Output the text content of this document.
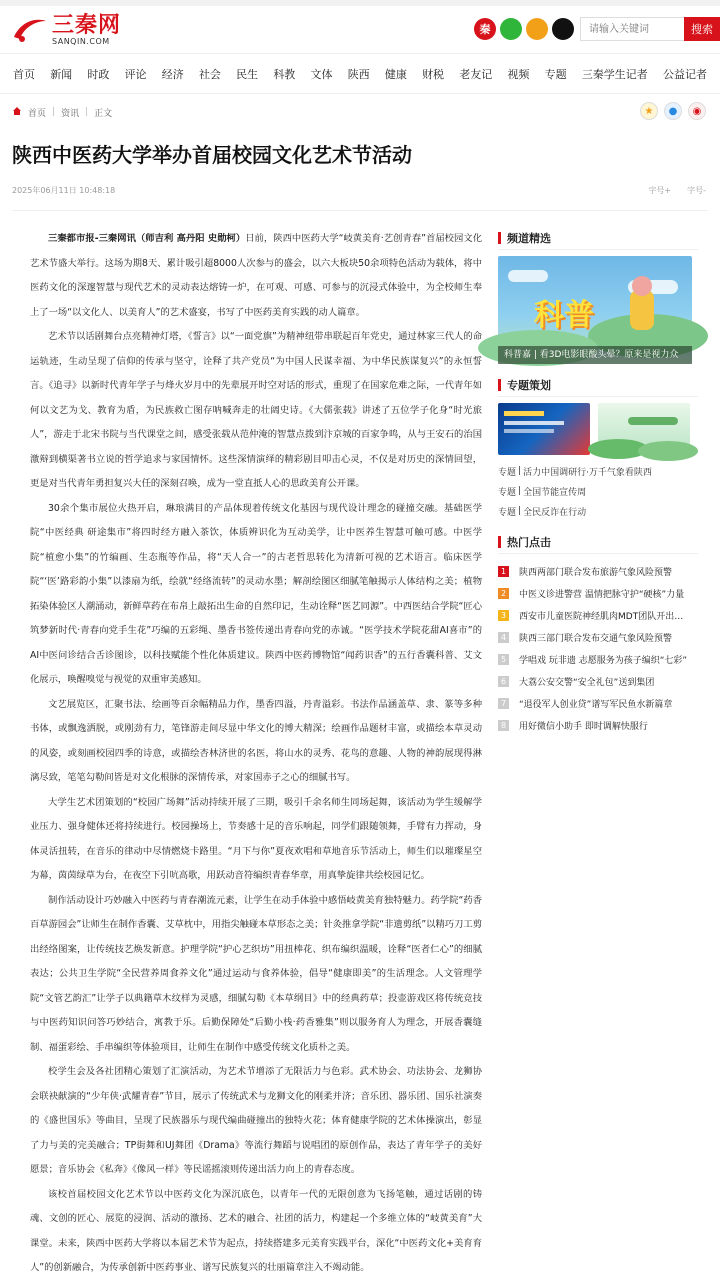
三秦网
SANQIN.COM
秦
请输入关键词	搜索
首页	新闻	时政	评论	经济	社会	民生	科教	文体	陕西	健康	财税	老友记	视频	专题	三秦学生记者	公益记者
首页 | 资讯 | 正文	★	●	◉
陕西中医药大学举办首届校园文化艺术节活动
2025年06月11日 10:48:18	字号+ 字号-

三秦都市报-三秦网讯（师吉利 高丹阳 史勋柯）日前，陕西中医药大学“岐黄美育·艺创青春”首届校园文化艺术节盛大举行。这场为期8天、累计吸引超8000人次参与的盛会，以六大板块50余项特色活动为载体，将中医药文化的深邃智慧与现代艺术的灵动表达熔铸一炉，在可观、可感、可参与的沉浸式体验中，为全校师生奉上了一场“以文化人、以美育人”的艺术盛宴，书写了中医药美育实践的动人篇章。

艺术节以话剧舞台点亮精神灯塔，《誓言》以“一面党旗”为精神纽带串联起百年党史，通过林家三代人的命运轨迹，生动呈现了信仰的传承与坚守，诠释了共产党员“为中国人民谋幸福、为中华民族谋复兴”的永恒誓言。《追寻》以新时代青年学子与烽火岁月中的先辈展开时空对话的形式，重现了在国家危难之际，一代青年如何以文艺为戈、教育为盾，为民族救亡图存呐喊奔走的壮阔史诗。《大儒张载》讲述了五位学子化身“时光旅人”，游走于北宋书院与当代课堂之间，感受张载从范仲淹的智慧点拨到汴京城的百家争鸣，从与王安石的治国激辩到横渠著书立说的哲学追求与家国情怀。这些深情演绎的精彩剧目叩击心灵，不仅是对历史的深情回望，更是对当代青年勇担复兴大任的深刻召唤，成为一堂直抵人心的思政美育公开课。

30余个集市展位火热开启，琳琅满目的产品体现着传统文化基因与现代设计理念的碰撞交融。基础医学院“中医经典 研途集市”将四时经方融入茶饮，体质辨识化为互动美学，让中医养生智慧可触可感。中医学院“植愈小集”的竹编画、生态瓶等作品，将“天人合一”的古老哲思转化为清新可视的艺术语言。临床医学院“‘医’路彩韵小集”以漆扇为纸，绘就“经络流转”的灵动水墨；解剖绘图区细腻笔触揭示人体结构之美；植物拓染体验区人潮涌动，新鲜草药在布帛上敲拓出生命的自然印记，生动诠释“医艺同源”。中西医结合学院“匠心筑梦新时代·青春向党手生花”巧编的五彩绳、墨香书签传递出青春向党的赤诚。“医学技术学院花甜AI喜市”的AI中医问诊结合舌诊图诊，以科技赋能个性化体质建议。陕西中医药博物馆“闻药识香”的五行香囊科普、艾文化展示，唤醒嗅觉与视觉的双重审美感知。

文艺展览区，汇聚书法、绘画等百余幅精品力作，墨香四溢，丹青溢彩。书法作品涵盖草、隶、篆等多种书体，或飘逸洒脱，或刚劲有力，笔锋游走间尽显中华文化的博大精深；绘画作品题材丰富，或描绘本草灵动的风姿，或刻画校园四季的诗意，或描绘杏林济世的名医，将山水的灵秀、花鸟的意趣、人物的神韵展现得淋漓尽致，笔笔勾勒间皆是对文化根脉的深情传承，对家国赤子之心的细腻书写。

大学生艺术团策划的“校园广场舞”活动持续开展了三期，吸引千余名师生同场起舞，该活动为学生缓解学业压力、强身健体还将持续进行。校园操场上，节奏感十足的音乐响起，同学们跟随领舞，手臂有力挥动，身体灵活扭转，在音乐的律动中尽情燃烧卡路里。“月下与你”夏夜欢唱和草地音乐节活动上，师生们以璀璨星空为幕，茵茵绿草为台，在夜空下引吭高歌，用跃动音符编织青春华章，用真挚旋律共绘校园记忆。

制作活动设计巧妙融入中医药与青春潮流元素，让学生在动手体验中感悟岐黄美育独特魅力。药学院“药香百草游园会”让师生在制作香囊、艾草枕中，用指尖触碰本草形态之美；针灸推拿学院“非遗剪纸”以精巧刀工剪出经络图案，让传统技艺焕发新意。护理学院“护心艺织坊”用扭棒花、织布编织温暖，诠释“医者仁心”的细腻表达；公共卫生学院“全民营养周食养文化”通过运动与食养体验，倡导“健康即美”的生活理念。人文管理学院“文管艺韵汇”让学子以典籍草木纹样为灵感，细腻勾勒《本草纲目》中的经典药草；投壶游戏区将传统竞技与中医药知识问答巧妙结合，寓教于乐。后勤保障处“后勤小栈·药香雅集”则以服务育人为理念，开展香囊缝制、福蛋彩绘、手串编织等体验项目，让师生在制作中感受传统文化质朴之美。

校学生会及各社团精心策划了汇演活动，为艺术节增添了无限活力与色彩。武术协会、功法协会、龙狮协会联袂献演的“少年侠·武耀青春”节目，展示了传统武术与龙狮文化的刚柔并济；音乐团、器乐团、国乐社演奏的《盛世国乐》等曲目，呈现了民族器乐与现代编曲碰撞出的独特火花；体育健康学院的艺术体操演出，彰显了力与美的完美融合；TP街舞和UJ舞团《Drama》等流行舞蹈与说唱团的原创作品，表达了青年学子的美好愿景；音乐协会《私奔》《像风一样》等民谣摇滚则传递出活力向上的青春态度。

该校首届校园文化艺术节以中医药文化为深沉底色，以青年一代的无限创意为飞扬笔触，通过话剧的铸魂、文创的匠心、展览的浸润、活动的激扬、艺术的融合、社团的活力，构建起一个多维立体的“岐黄美育”大课堂。未来，陕西中医药大学将以本届艺术节为起点，持续搭建多元美育实践平台，深化“中医药文化+美育育人”的创新融合，为传承创新中医药事业、谱写民族复兴的壮丽篇章注入不竭动能。

频道精选
科普
科普嘉 | 看3D电影眼酸头晕？原来是视力众
专题策划
专题 | 活力中国调研行·万千气象看陕西
专题 | 全国节能宣传周
专题 | 全民反诈在行动
热门点击
1	陕西两部门联合发布旅游气象风险预警
2	中医义诊进警营 温情把脉守护“硬核”力量
3	西安市儿童医院神经肌肉MDT团队开出…
4	陕西三部门联合发布交通气象风险预警
5	学唱戏 玩非遗 志愿服务为孩子编织“七彩”
6	大荔公安交警“安全礼包”送到集团
7	“退役军人创业贷”谱写军民鱼水新篇章
8	用好微信小助手 即时调解快服行
